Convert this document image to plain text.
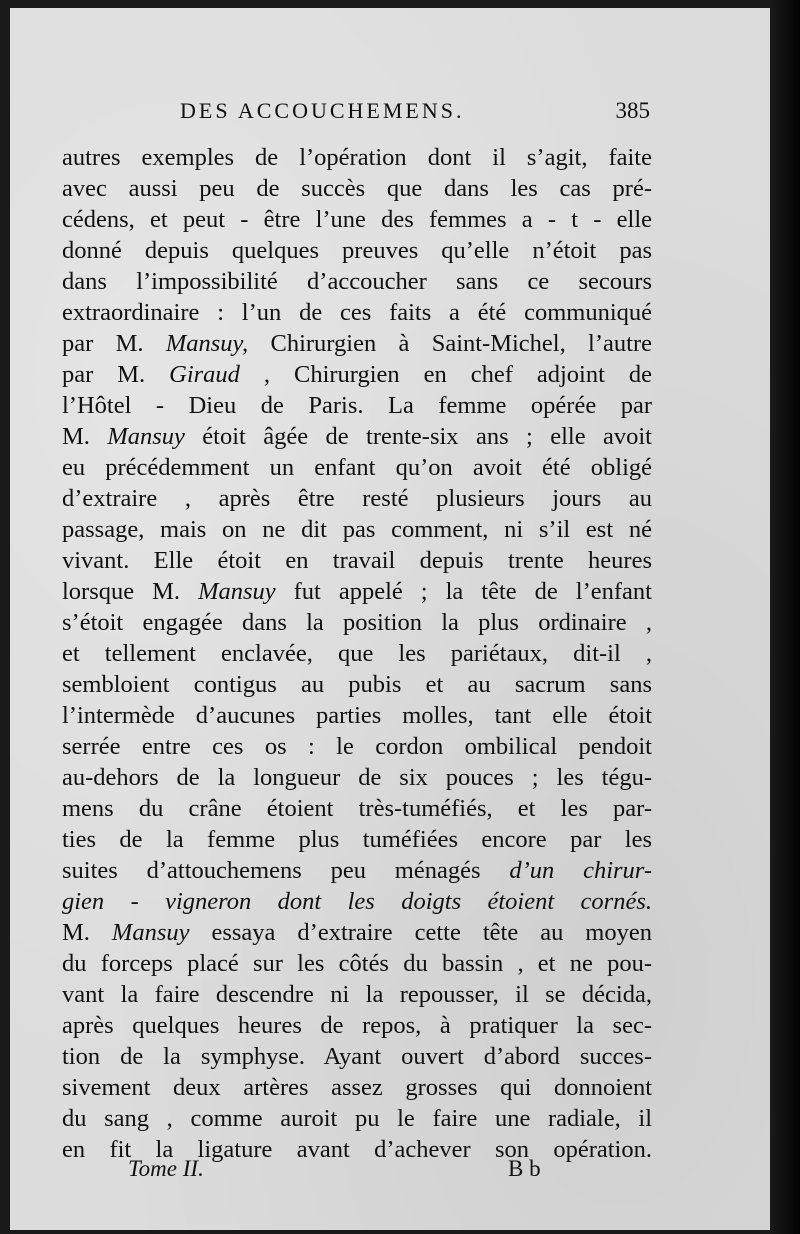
DES ACCOUCHEMENS.	385
autres exemples de l’opération dont il s’agit, faite
avec aussi peu de succès que dans les cas pré-
cédens, et peut - être l’une des femmes a - t - elle
donné depuis quelques preuves qu’elle n’étoit pas
dans l’impossibilité d’accoucher sans ce secours
extraordinaire : l’un de ces faits a été communiqué
par M. Mansuy, Chirurgien à Saint-Michel, l’autre
par M. Giraud , Chirurgien en chef adjoint de
l’Hôtel - Dieu de Paris. La femme opérée par
M. Mansuy étoit âgée de trente-six ans ; elle avoit
eu précédemment un enfant qu’on avoit été obligé
d’extraire , après être resté plusieurs jours au
passage, mais on ne dit pas comment, ni s’il est né
vivant. Elle étoit en travail depuis trente heures
lorsque M. Mansuy fut appelé ; la tête de l’enfant
s’étoit engagée dans la position la plus ordinaire ,
et tellement enclavée, que les pariétaux, dit-il ,
sembloient contigus au pubis et au sacrum sans
l’intermède d’aucunes parties molles, tant elle étoit
serrée entre ces os : le cordon ombilical pendoit
au-dehors de la longueur de six pouces ; les tégu-
mens du crâne étoient très-tuméfiés, et les par-
ties de la femme plus tuméfiées encore par les
suites d’attouchemens peu ménagés d’un chirur-
gien - vigneron dont les doigts étoient cornés.
M. Mansuy essaya d’extraire cette tête au moyen
du forceps placé sur les côtés du bassin , et ne pou-
vant la faire descendre ni la repousser, il se décida,
après quelques heures de repos, à pratiquer la sec-
tion de la symphyse. Ayant ouvert d’abord succes-
sivement deux artères assez grosses qui donnoient
du sang , comme auroit pu le faire une radiale, il
en fit la ligature avant d’achever son opération.
Tome II.	B b
